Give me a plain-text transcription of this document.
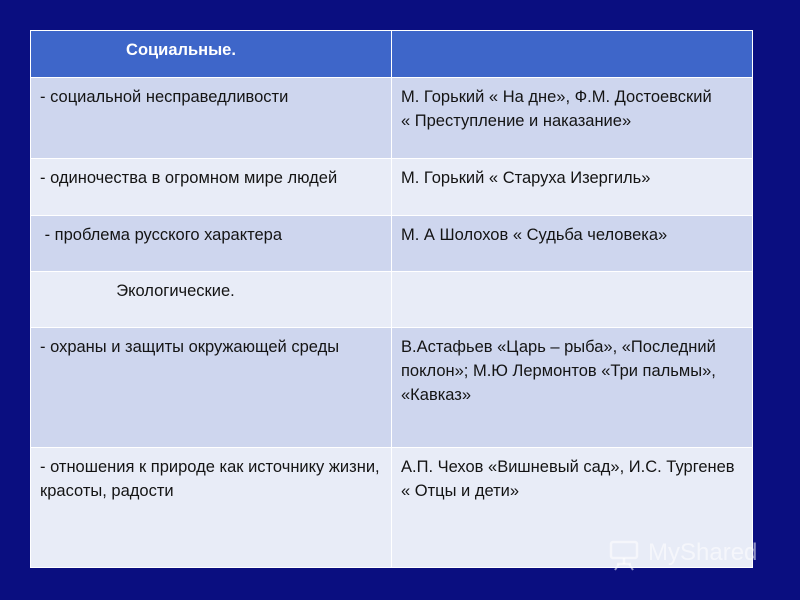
Социальные.	
- социальной несправедливости	М. Горький « На дне», Ф.М. Достоевский          « Преступление и наказание»
- одиночества в огромном мире людей	М. Горький « Старуха Изергиль»
- проблема русского характера	М. А Шолохов « Судьба человека»
Экологические.	
- охраны и защиты окружающей среды	В.Астафьев «Царь – рыба», «Последний поклон»; М.Ю Лермонтов «Три пальмы», «Кавказ»
- отношения к природе как источнику жизни, красоты, радости	А.П. Чехов «Вишневый сад», И.С. Тургенев      « Отцы и дети»
MyShared
